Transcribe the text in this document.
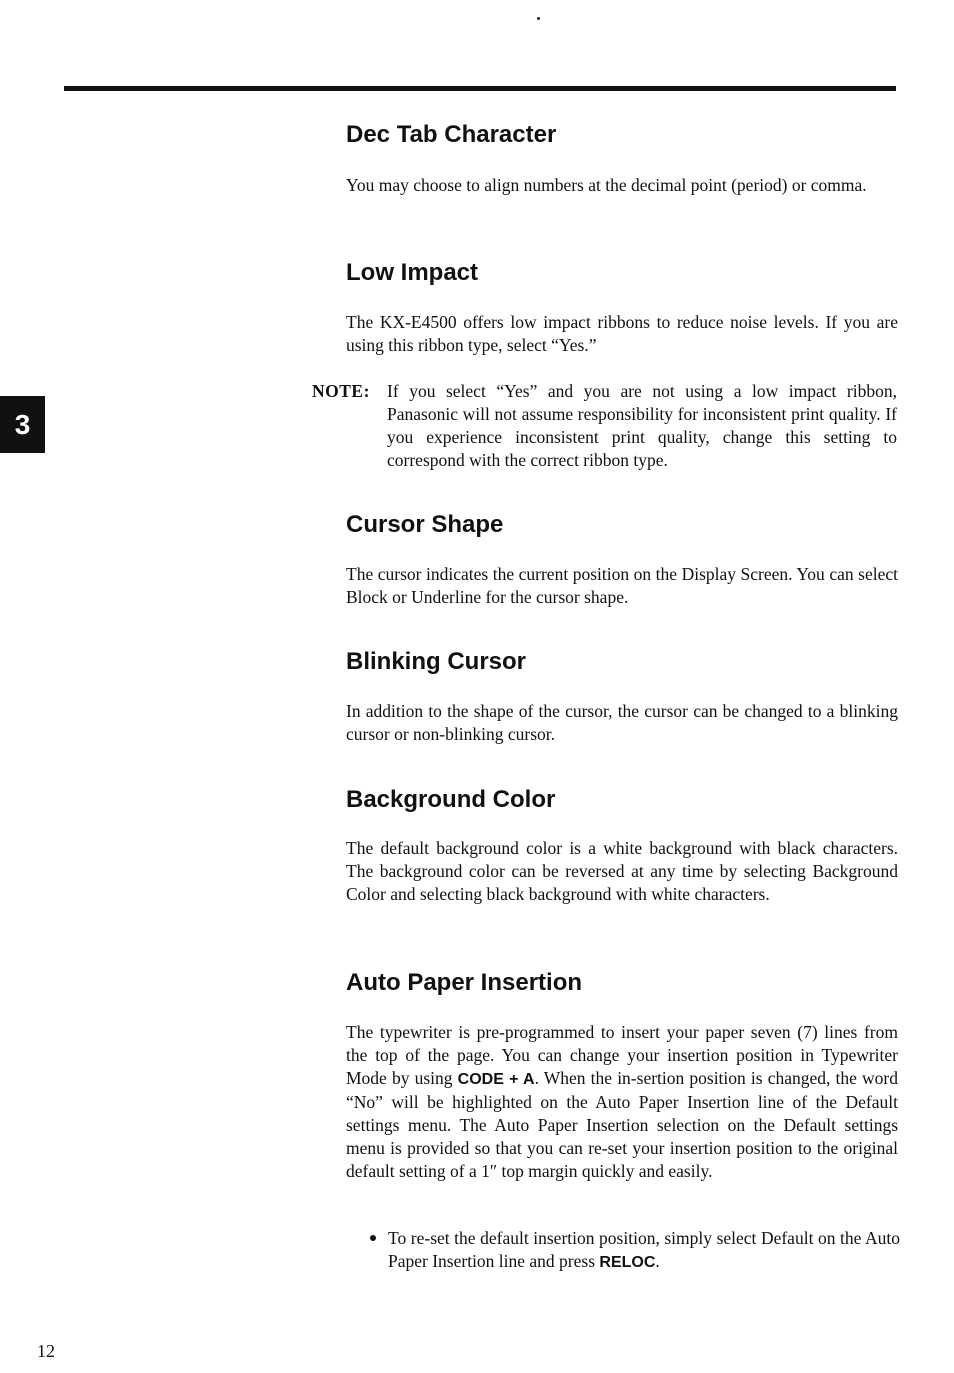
3
Dec Tab Character

You may choose to align numbers at the decimal point (period) or comma.

Low Impact

The KX-E4500 offers low impact ribbons to reduce noise levels. If you are using this ribbon type, select “Yes.”

NOTE: If you select “Yes” and you are not using a low impact ribbon, Panasonic will not assume responsibility for inconsistent print quality. If you experience inconsistent print quality, change this setting to correspond with the correct ribbon type.

Cursor Shape

The cursor indicates the current position on the Display Screen. You can select Block or Underline for the cursor shape.

Blinking Cursor

In addition to the shape of the cursor, the cursor can be changed to a blinking cursor or non-blinking cursor.

Background Color

The default background color is a white background with black characters. The background color can be reversed at any time by selecting Background Color and selecting black background with white characters.

Auto Paper Insertion

The typewriter is pre-programmed to insert your paper seven (7) lines from the top of the page. You can change your insertion position in Typewriter Mode by using CODE + A. When the in-sertion position is changed, the word “No” will be highlighted on the Auto Paper Insertion line of the Default settings menu. The Auto Paper Insertion selection on the Default settings menu is provided so that you can re-set your insertion position to the original default setting of a 1″ top margin quickly and easily.

To re-set the default insertion position, simply select Default on the Auto Paper Insertion line and press RELOC.

12
